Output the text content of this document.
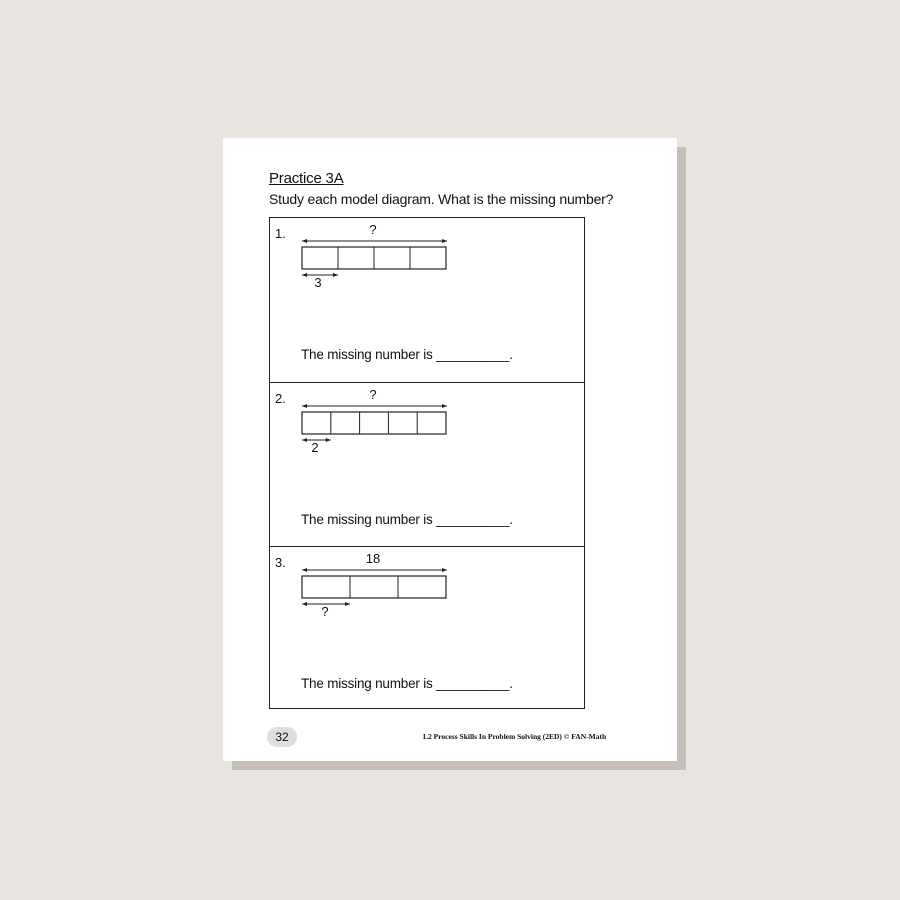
Practice 3A
Study each model diagram. What is the missing number?
1.	?
3
The missing number is __________.
2.	?
2
The missing number is __________.
3.	18
?
The missing number is __________.
32	L2 Process Skills In Problem Solving (2ED) © FAN-Math
